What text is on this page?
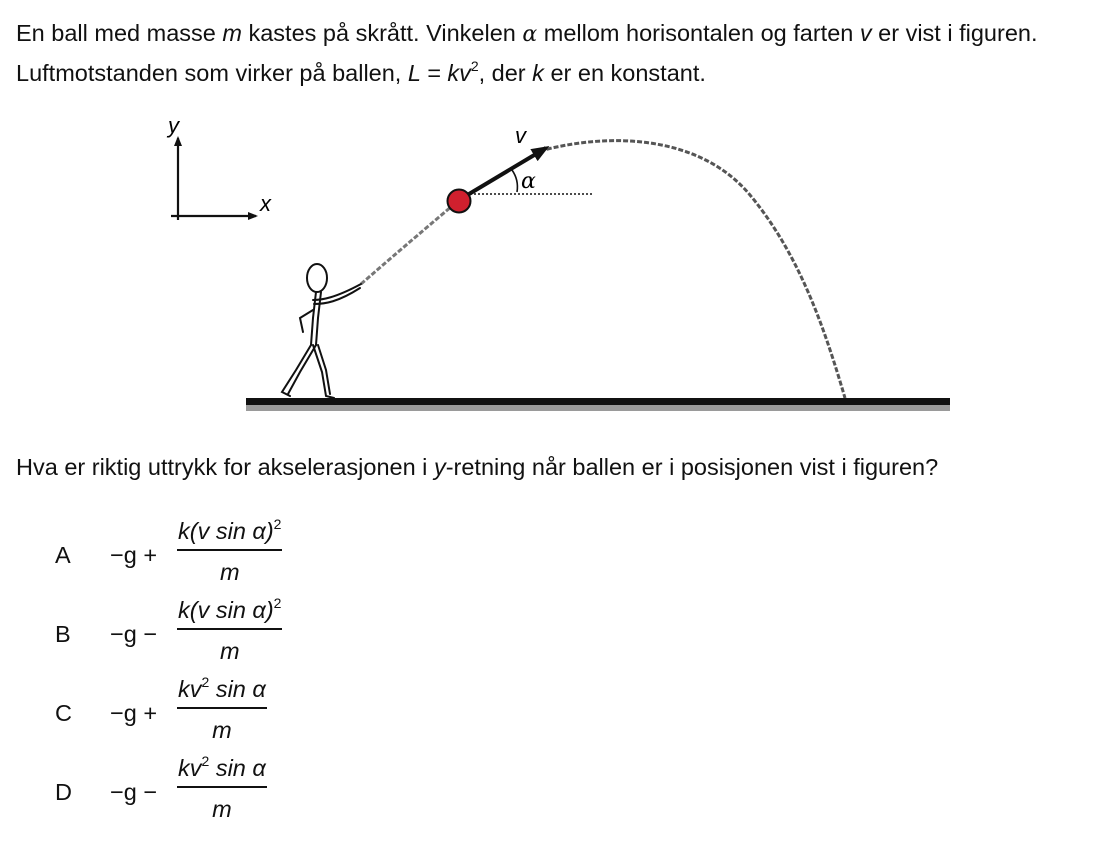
En ball med masse m kastes på skrått. Vinkelen α mellom horisontalen og farten v er vist i figuren. Luftmotstanden som virker på ballen, $L = kv^2$, der k er en konstant.

y
x
α
v

Hva er riktig uttrykk for akselerasjonen i y-retning når ballen er i posisjonen vist i figuren?

$A -g + \frac{k(v \sin \alpha)^2}{m}$
$B -g - \frac{k(v \sin \alpha)^2}{m}$
$C -g + \frac{kv^2 \sin \alpha}{m}$
$D -g - \frac{kv^2 \sin \alpha}{m}$
